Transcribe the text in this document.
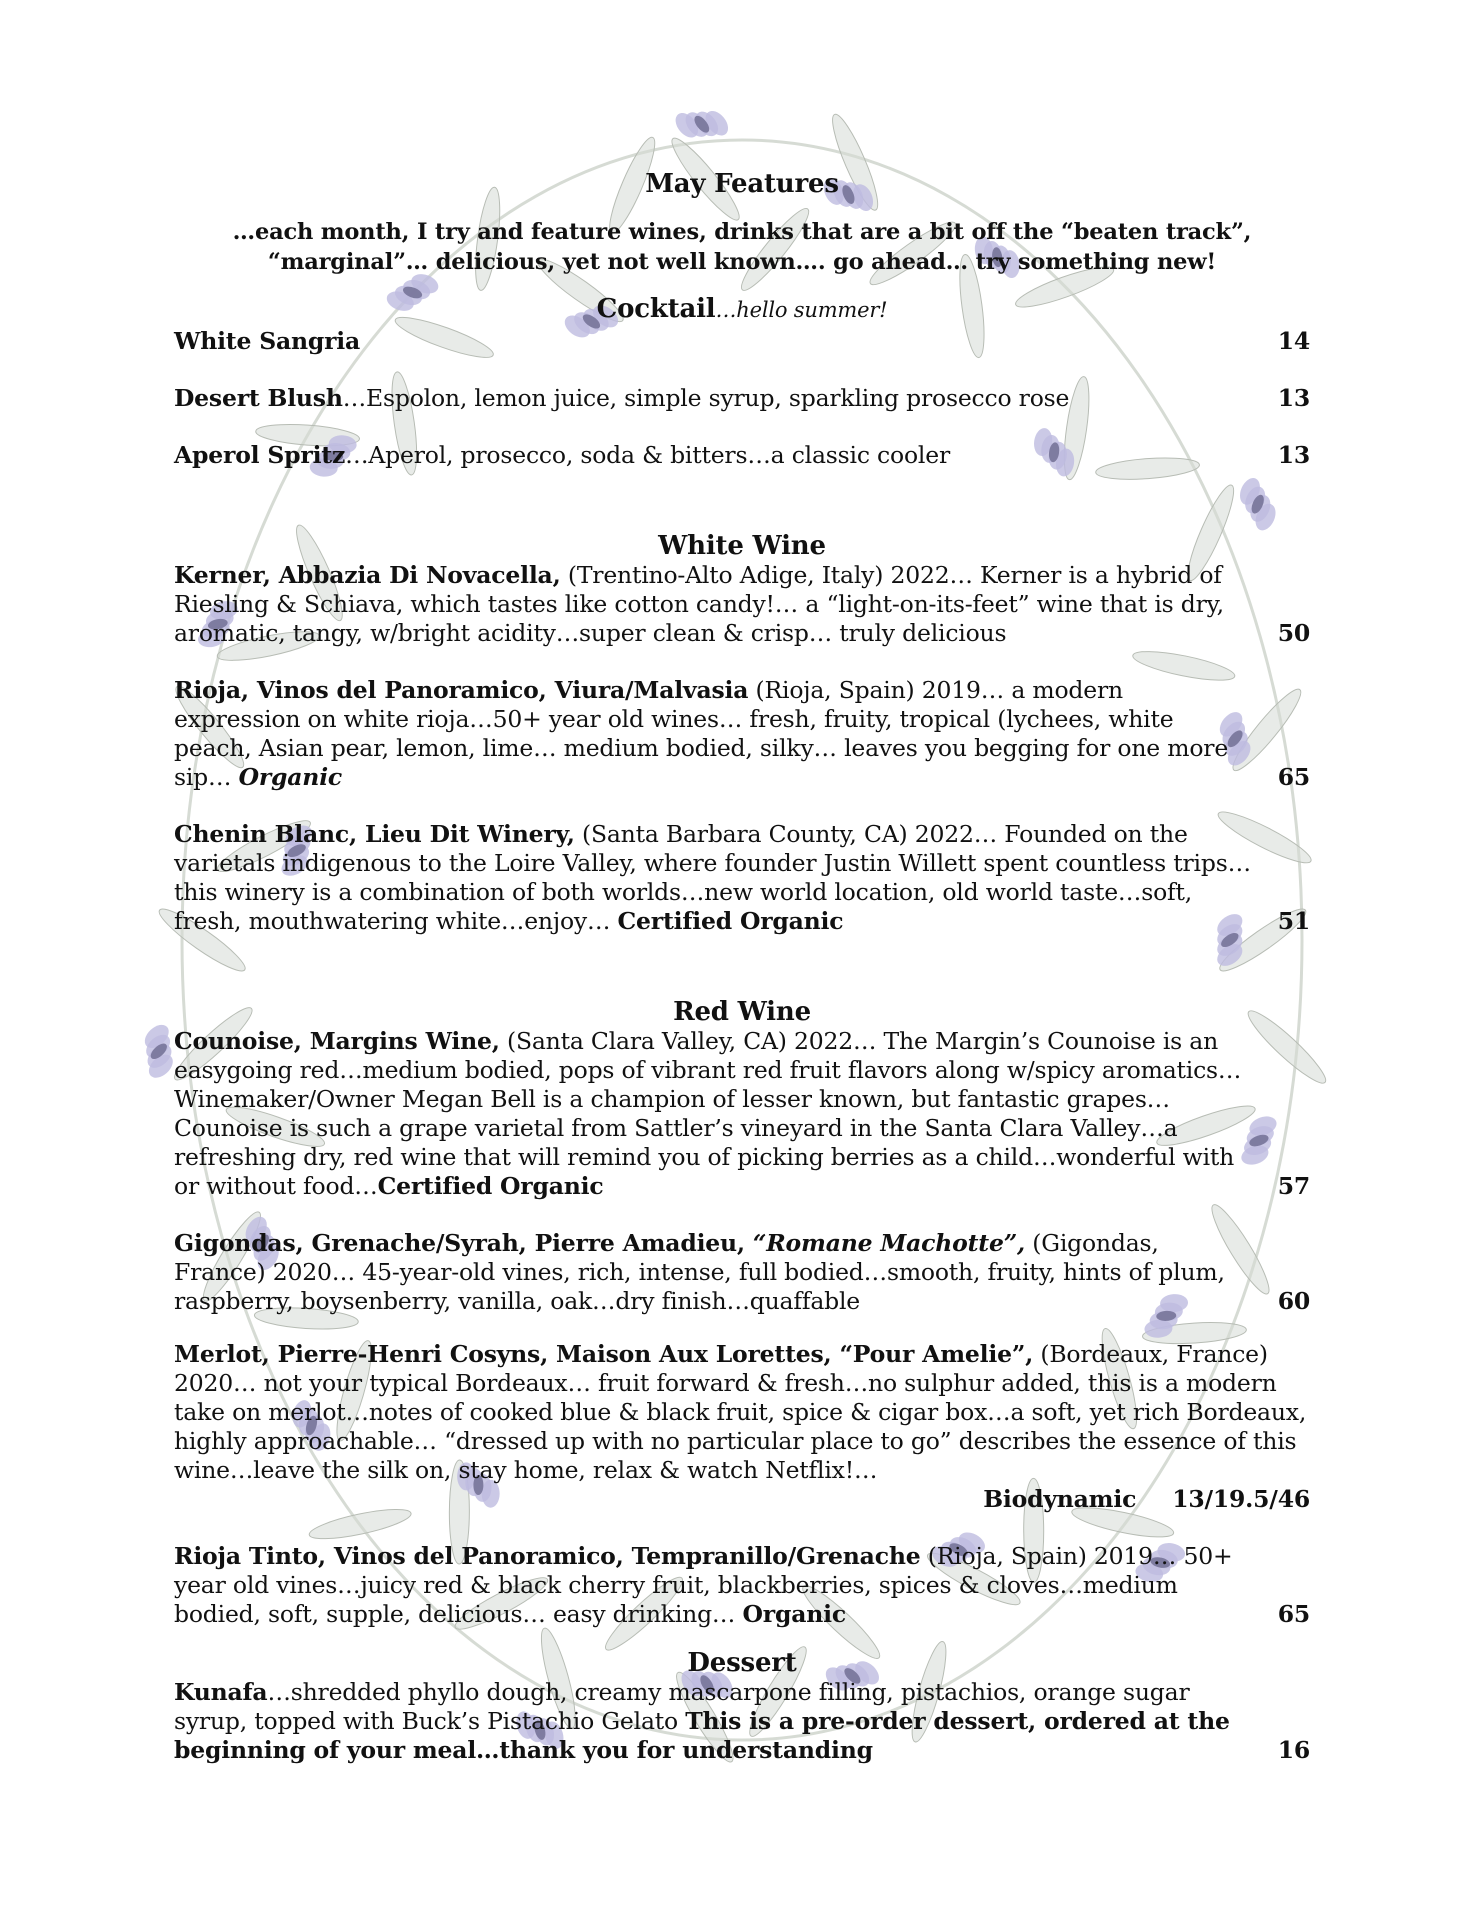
May Features
…each month, I try and feature wines, drinks that are a bit off the “beaten track”,
“marginal”… delicious, yet not well known…. go ahead… try something new!
Cocktail…hello summer!
White Sangria	14
Desert Blush…Espolon, lemon juice, simple syrup, sparkling prosecco rose	13
Aperol Spritz…Aperol, prosecco, soda & bitters…a classic cooler	13
White Wine
Kerner, Abbazia Di Novacella, (Trentino-Alto Adige, Italy) 2022… Kerner is a hybrid of Riesling & Schiava, which tastes like cotton candy!… a “light-on-its-feet” wine that is dry, aromatic, tangy, w/bright acidity…super clean & crisp… truly delicious	50
Rioja, Vinos del Panoramico, Viura/Malvasia (Rioja, Spain) 2019… a modern expression on white rioja…50+ year old wines… fresh, fruity, tropical (lychees, white peach, Asian pear, lemon, lime… medium bodied, silky… leaves you begging for one more sip… Organic	65
Chenin Blanc, Lieu Dit Winery, (Santa Barbara County, CA) 2022… Founded on the varietals indigenous to the Loire Valley, where founder Justin Willett spent countless trips… this winery is a combination of both worlds…new world location, old world taste…soft, fresh, mouthwatering white…enjoy… Certified Organic	51
Red Wine
Counoise, Margins Wine, (Santa Clara Valley, CA) 2022… The Margin’s Counoise is an easygoing red…medium bodied, pops of vibrant red fruit flavors along w/spicy aromatics… Winemaker/Owner Megan Bell is a champion of lesser known, but fantastic grapes…Counoise is such a grape varietal from Sattler’s vineyard in the Santa Clara Valley…a refreshing dry, red wine that will remind you of picking berries as a child…wonderful with or without food…Certified Organic	57
Gigondas, Grenache/Syrah, Pierre Amadieu, “Romane Machotte”, (Gigondas, France) 2020… 45-year-old vines, rich, intense, full bodied…smooth, fruity, hints of plum, raspberry, boysenberry, vanilla, oak…dry finish…quaffable	60
Merlot, Pierre-Henri Cosyns, Maison Aux Lorettes, “Pour Amelie”, (Bordeaux, France) 2020… not your typical Bordeaux… fruit forward & fresh…no sulphur added, this is a modern take on merlot…notes of cooked blue & black fruit, spice & cigar box…a soft, yet rich Bordeaux, highly approachable… “dressed up with no particular place to go” describes the essence of this wine…leave the silk on, stay home, relax & watch Netflix!…
Biodynamic 13/19.5/46
Rioja Tinto, Vinos del Panoramico, Tempranillo/Grenache (Rioja, Spain) 2019… 50+ year old vines…juicy red & black cherry fruit, blackberries, spices & cloves…medium bodied, soft, supple, delicious… easy drinking… Organic	65
Dessert
Kunafa…shredded phyllo dough, creamy mascarpone filling, pistachios, orange sugar syrup, topped with Buck’s Pistachio Gelato This is a pre-order dessert, ordered at the beginning of your meal…thank you for understanding	16
